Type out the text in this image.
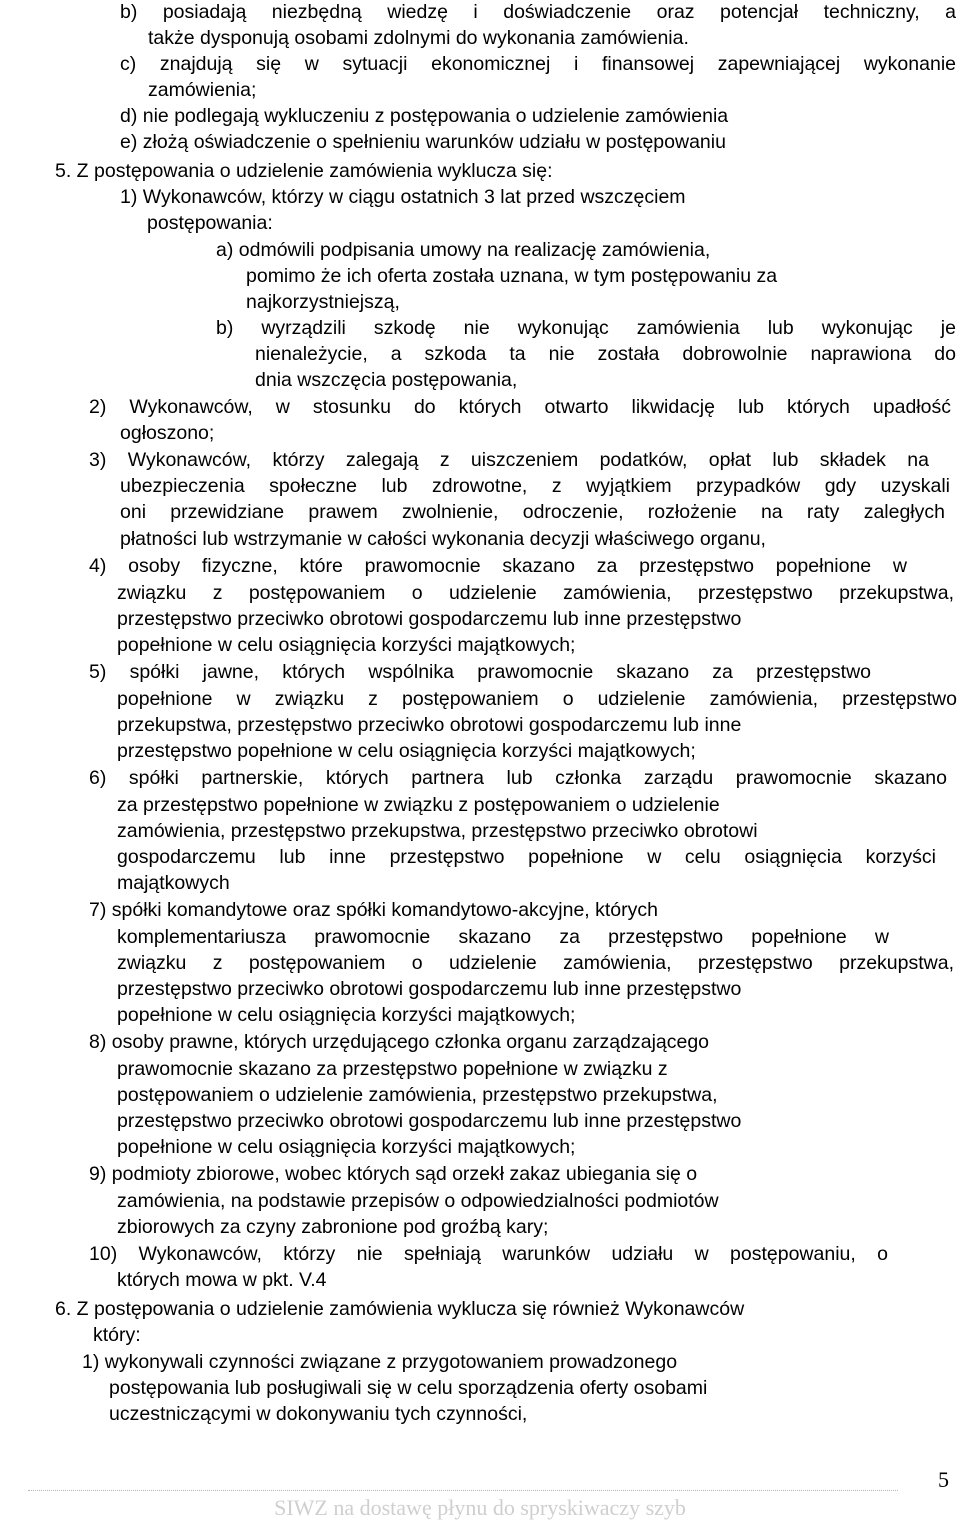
b) posiadają niezbędną wiedzę i doświadczenie oraz potencjał techniczny, a
także dysponują osobami zdolnymi do wykonania zamówienia.
c) znajdują się w sytuacji ekonomicznej i finansowej zapewniającej wykonanie
zamówienia;
d) nie podlegają wykluczeniu z postępowania o udzielenie zamówienia
e) złożą oświadczenie o spełnieniu warunków udziału w postępowaniu
5. Z postępowania o udzielenie zamówienia wyklucza się:
1) Wykonawców, którzy w ciągu ostatnich 3 lat przed wszczęciem
postępowania:
a) odmówili podpisania umowy na realizację zamówienia,
pomimo że ich oferta została uznana, w tym postępowaniu za
najkorzystniejszą,
b) wyrządzili szkodę nie wykonując zamówienia lub wykonując je
nienależycie, a szkoda ta nie została dobrowolnie naprawiona do
dnia wszczęcia postępowania,
2) Wykonawców, w stosunku do których otwarto likwidację lub których upadłość
ogłoszono;
3) Wykonawców, którzy zalegają z uiszczeniem podatków, opłat lub składek na
ubezpieczenia społeczne lub zdrowotne, z wyjątkiem przypadków gdy uzyskali
oni przewidziane prawem zwolnienie, odroczenie, rozłożenie na raty zaległych
płatności lub wstrzymanie w całości wykonania decyzji właściwego organu,
4) osoby fizyczne, które prawomocnie skazano za przestępstwo popełnione w
związku z postępowaniem o udzielenie zamówienia, przestępstwo przekupstwa,
przestępstwo przeciwko obrotowi gospodarczemu lub inne przestępstwo
popełnione w celu osiągnięcia korzyści majątkowych;
5) spółki jawne, których wspólnika prawomocnie skazano za przestępstwo
popełnione w związku z postępowaniem o udzielenie zamówienia, przestępstwo
przekupstwa, przestępstwo przeciwko obrotowi gospodarczemu lub inne
przestępstwo popełnione w celu osiągnięcia korzyści majątkowych;
6) spółki partnerskie, których partnera lub członka zarządu prawomocnie skazano
za przestępstwo popełnione w związku z postępowaniem o udzielenie
zamówienia, przestępstwo przekupstwa, przestępstwo przeciwko obrotowi
gospodarczemu lub inne przestępstwo popełnione w celu osiągnięcia korzyści
majątkowych
7) spółki komandytowe oraz spółki komandytowo-akcyjne, których
komplementariusza prawomocnie skazano za przestępstwo popełnione w
związku z postępowaniem o udzielenie zamówienia, przestępstwo przekupstwa,
przestępstwo przeciwko obrotowi gospodarczemu lub inne przestępstwo
popełnione w celu osiągnięcia korzyści majątkowych;
8) osoby prawne, których urzędującego członka organu zarządzającego
prawomocnie skazano za przestępstwo popełnione w związku z
postępowaniem o udzielenie zamówienia, przestępstwo przekupstwa,
przestępstwo przeciwko obrotowi gospodarczemu lub inne przestępstwo
popełnione w celu osiągnięcia korzyści majątkowych;
9) podmioty zbiorowe, wobec których sąd orzekł zakaz ubiegania się o
zamówienia, na podstawie przepisów o odpowiedzialności podmiotów
zbiorowych za czyny zabronione pod groźbą kary;
10) Wykonawców, którzy nie spełniają warunków udziału w postępowaniu, o
których mowa w pkt. V.4
6. Z postępowania o udzielenie zamówienia wyklucza się również Wykonawców
który:
1) wykonywali czynności związane z przygotowaniem prowadzonego
postępowania lub posługiwali się w celu sporządzenia oferty osobami
uczestniczącymi w dokonywaniu tych czynności,
5
SIWZ na dostawę płynu do spryskiwaczy szyb
